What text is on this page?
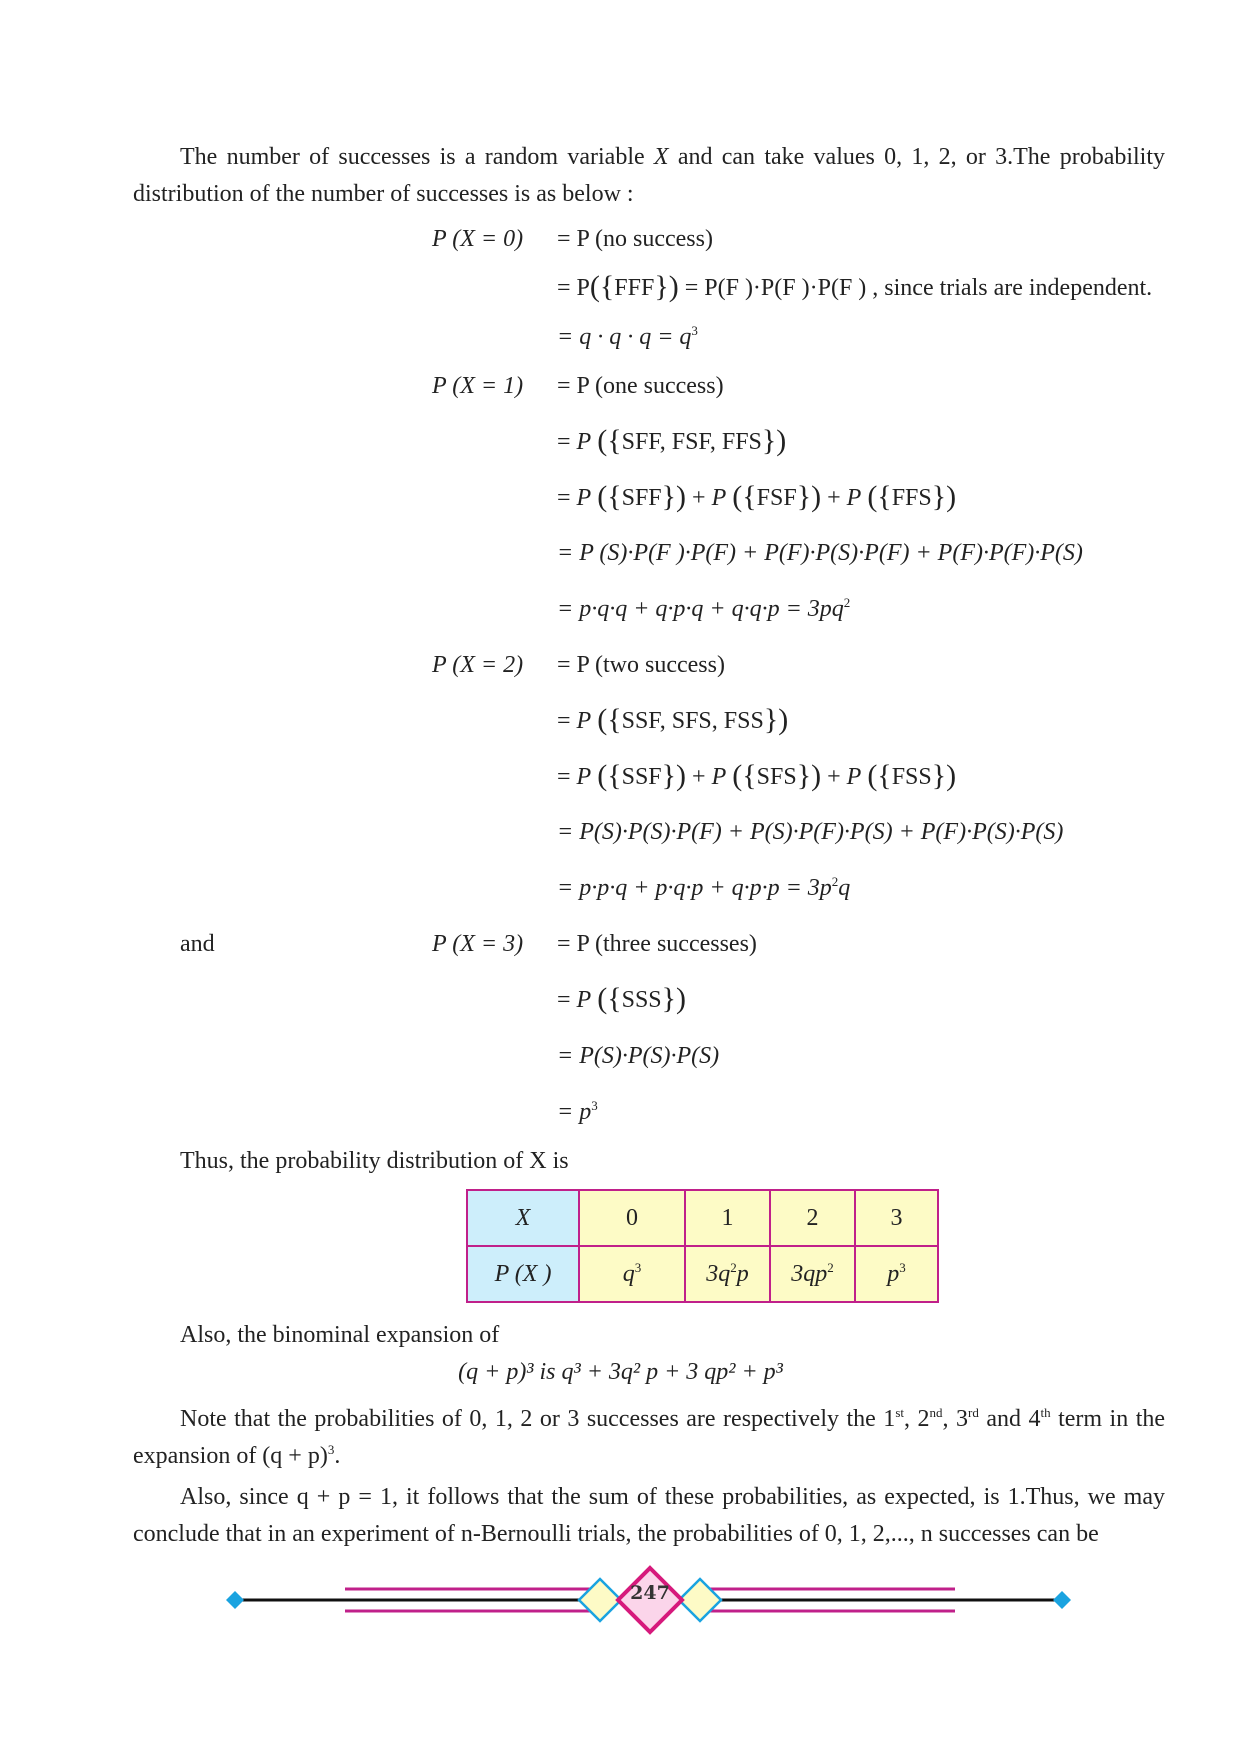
The number of successes is a random variable X and can take values 0, 1, 2, or 3.The probability distribution of the number of successes is as below :

P (X = 0) = P (no success)
= P({FFF}) = P(F )·P(F )·P(F ) , since trials are independent.
= $q \cdot q \cdot q = q^3$
P (X = 1) = P (one success)
= P ({SFF, FSF, FFS})
= P ({SFF}) + P ({FSF}) + P ({FFS})
= P (S)·P(F )·P(F) + P(F)·P(S)·P(F) + P(F)·P(F)·P(S)
= $p\cdot q\cdot q + q\cdot p\cdot q + q\cdot q\cdot p = 3pq^2$
P (X = 2) = P (two success)
= P ({SSF, SFS, FSS})
= P ({SSF}) + P ({SFS}) + P ({FSS})
= P(S)·P(S)·P(F) + P(S)·P(F)·P(S) + P(F)·P(S)·P(S)
= $p\cdot p\cdot q + p\cdot q\cdot p + q\cdot p\cdot p = 3p^2q$
and	P (X = 3) = P (three successes)
= P ({SSS})
= P(S)·P(S)·P(S)
= $p^3$
Thus, the probability distribution of X is
X	0	1	2	3
P (X )	$q^3$	$3q^2p$	$3qp^2$	$p^3$
Also, the binominal expansion of
(q + p)³ is q³ + 3q² p + 3 qp² + p³

Note that the probabilities of 0, 1, 2 or 3 successes are respectively the 1st, 2nd, 3rd and 4th term in the expansion of $(q + p)^3$.

Also, since q + p = 1, it follows that the sum of these probabilities, as expected, is 1.Thus, we may conclude that in an experiment of n-Bernoulli trials, the probabilities of 0, 1, 2,..., n successes can be

247
